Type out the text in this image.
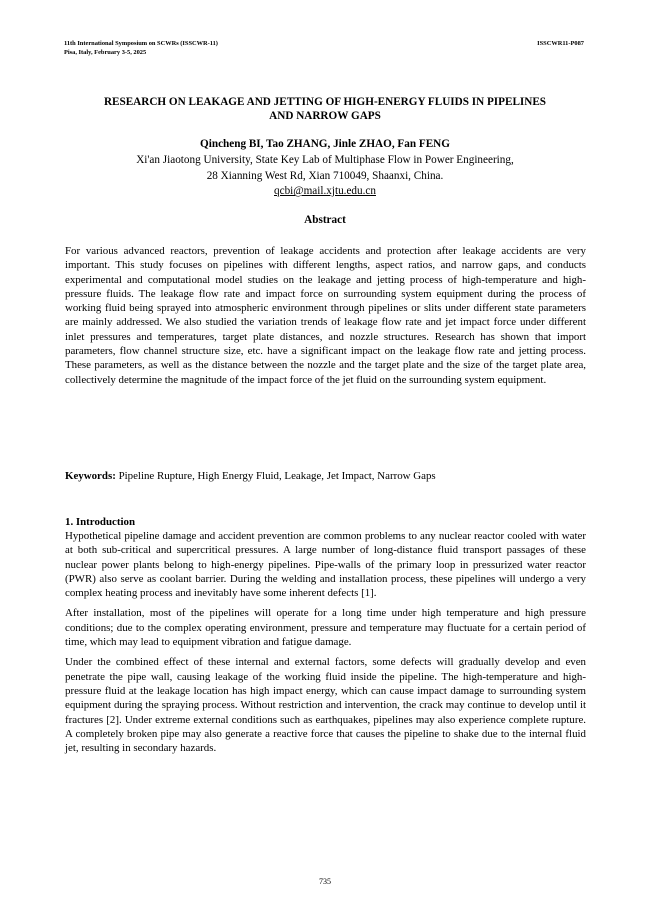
11th International Symposium on SCWRs (ISSCWR-11)
Pisa, Italy, February 3-5, 2025
ISSCWR11-P087
RESEARCH ON LEAKAGE AND JETTING OF HIGH-ENERGY FLUIDS IN PIPELINES
AND NARROW GAPS
Qincheng BI, Tao ZHANG, Jinle ZHAO, Fan FENG
Xi'an Jiaotong University, State Key Lab of Multiphase Flow in Power Engineering,
28 Xianning West Rd, Xian 710049, Shaanxi, China.
qcbi@mail.xjtu.edu.cn
Abstract

For various advanced reactors, prevention of leakage accidents and protection after leakage accidents are very important. This study focuses on pipelines with different lengths, aspect ratios, and narrow gaps, and conducts experimental and computational model studies on the leakage and jetting process of high-temperature and high-pressure fluids. The leakage flow rate and impact force on surrounding system equipment during the process of working fluid being sprayed into atmospheric environment through pipelines or slits under different state parameters are mainly addressed. We also studied the variation trends of leakage flow rate and jet impact force under different inlet pressures and temperatures, target plate distances, and nozzle structures. Research has shown that import parameters, flow channel structure size, etc. have a significant impact on the leakage flow rate and jetting process. These parameters, as well as the distance between the nozzle and the target plate and the size of the target plate area, collectively determine the magnitude of the impact force of the jet fluid on the surrounding system equipment.

Keywords: Pipeline Rupture, High Energy Fluid, Leakage, Jet Impact, Narrow Gaps

1. Introduction

Hypothetical pipeline damage and accident prevention are common problems to any nuclear reactor cooled with water at both sub-critical and supercritical pressures. A large number of long-distance fluid transport passages of these nuclear power plants belong to high-energy pipelines. Pipe-walls of the primary loop in pressurized water reactor (PWR) also serve as coolant barrier. During the welding and installation process, these pipelines will undergo a very complex heating process and inevitably have some inherent defects [1].

After installation, most of the pipelines will operate for a long time under high temperature and high pressure conditions; due to the complex operating environment, pressure and temperature may fluctuate for a certain period of time, which may lead to equipment vibration and fatigue damage.

Under the combined effect of these internal and external factors, some defects will gradually develop and even penetrate the pipe wall, causing leakage of the working fluid inside the pipeline. The high-temperature and high-pressure fluid at the leakage location has high impact energy, which can cause impact damage to surrounding system equipment during the spraying process. Without restriction and intervention, the crack may continue to develop until it fractures [2]. Under extreme external conditions such as earthquakes, pipelines may also experience complete rupture. A completely broken pipe may also generate a reactive force that causes the pipeline to shake due to the internal fluid jet, resulting in secondary hazards.

735
